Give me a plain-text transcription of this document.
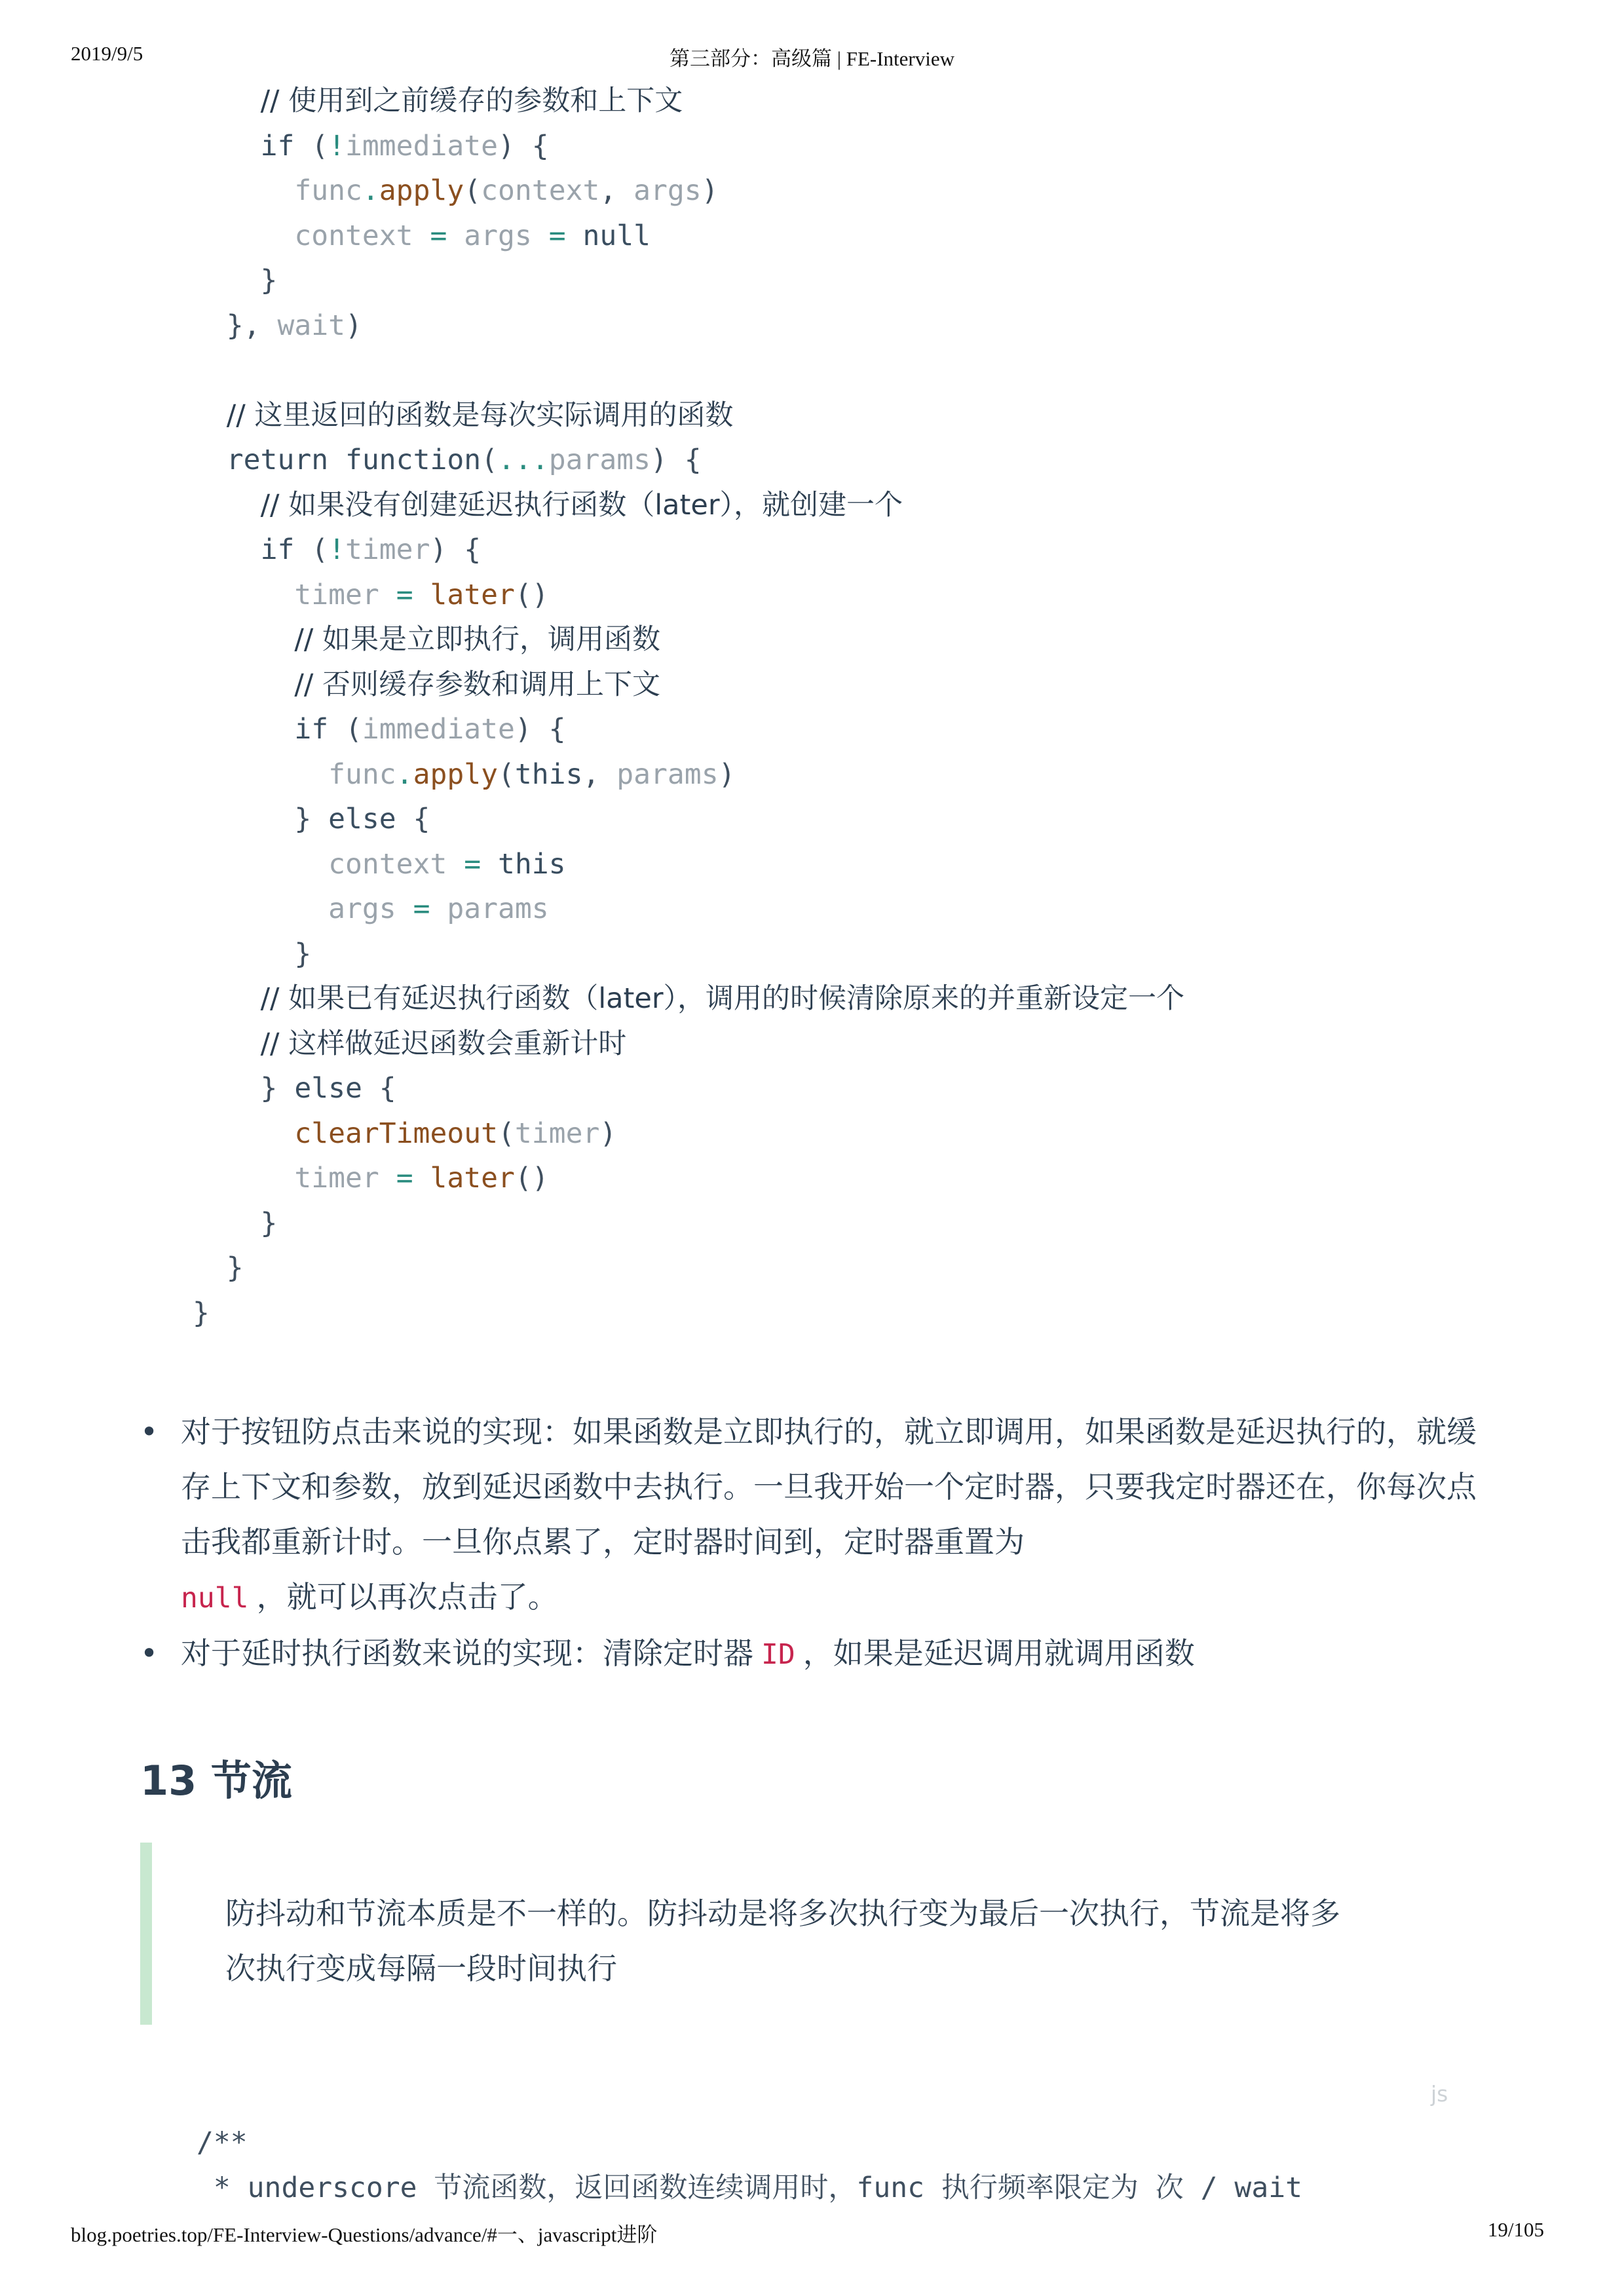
2019/9/5	第三部分：高级篇 | FE-Interview
// 使用到之前缓存的参数和上下文
if (!immediate) {
func.apply(context, args)
context = args = null
}
}, wait)

// 这里返回的函数是每次实际调用的函数
return function(...params) {
// 如果没有创建延迟执行函数（later），就创建一个
if (!timer) {
timer = later()
// 如果是立即执行，调用函数
// 否则缓存参数和调用上下文
if (immediate) {
func.apply(this, params)
} else {
context = this
args = params
}
// 如果已有延迟执行函数（later），调用的时候清除原来的并重新设定一个
// 这样做延迟函数会重新计时
} else {
clearTimeout(timer)
timer = later()
}
}
}
• 对于按钮防点击来说的实现：如果函数是立即执行的，就立即调用，如果函数是延迟执行的，就缓存上下文和参数，放到延迟函数中去执行。一旦我开始一个定时器，只要我定时器还在，你每次点击我都重新计时。一旦你点累了，定时器时间到，定时器重置为
null ，就可以再次点击了。
• 对于延时执行函数来说的实现：清除定时器 ID ，如果是延迟调用就调用函数
13 节流
防抖动和节流本质是不一样的。防抖动是将多次执行变为最后一次执行，节流是将多次执行变成每隔一段时间执行
js
/**
* underscore 节流函数，返回函数连续调用时，func 执行频率限定为 次 / wait
blog.poetries.top/FE-Interview-Questions/advance/#一、javascript进阶	19/105
